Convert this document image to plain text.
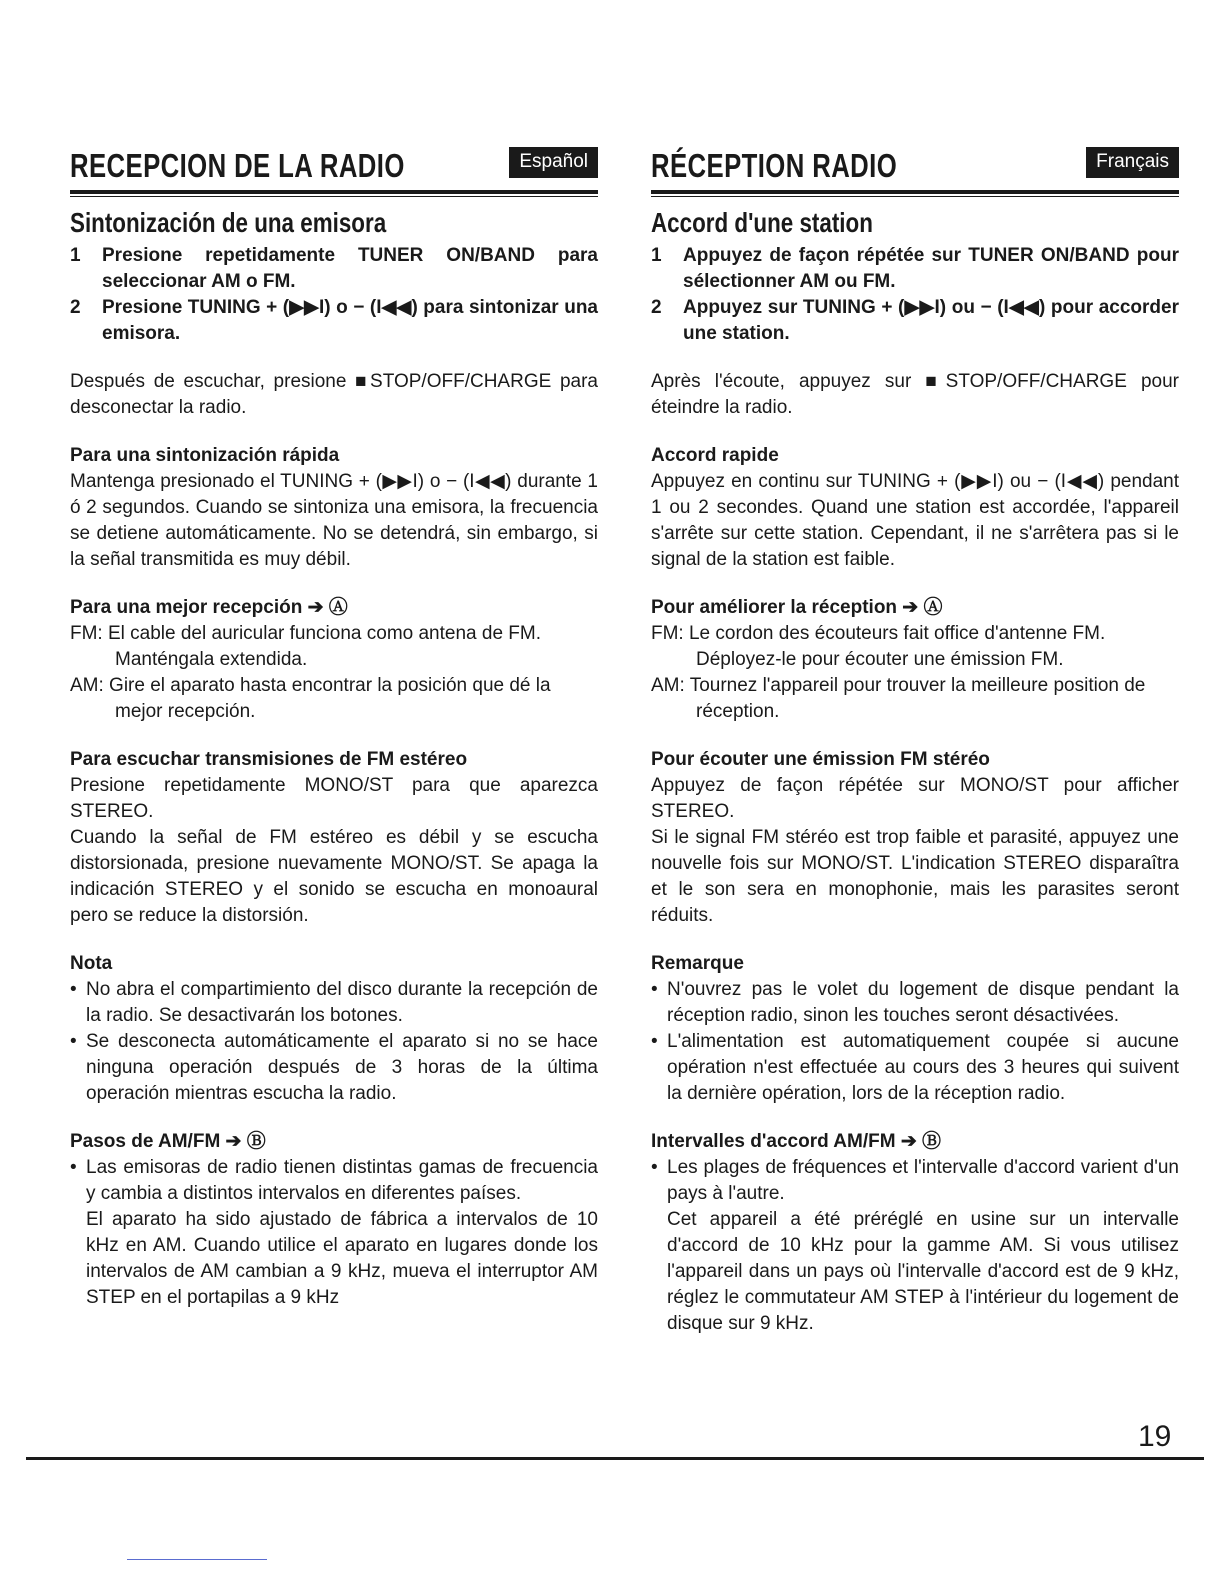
RECEPCION DE LA RADIO	Español
Sintonización de una emisora
1 Presione repetidamente TUNER ON/BAND para seleccionar AM o FM.
2 Presione TUNING + (▶▶I) o − (I◀◀) para sintonizar una emisora.

Después de escuchar, presione ■STOP/OFF/CHARGE para desconectar la radio.

Para una sintonización rápida

Mantenga presionado el TUNING + (▶▶I) o − (I◀◀) durante 1 ó 2 segundos. Cuando se sintoniza una emisora, la frecuencia se detiene automáticamente. No se detendrá, sin embargo, si la señal transmitida es muy débil.

Para una mejor recepción ➔ Ⓐ

FM: El cable del auricular funciona como antena de FM. Manténgala extendida.

AM: Gire el aparato hasta encontrar la posición que dé la mejor recepción.

Para escuchar transmisiones de FM estéreo

Presione repetidamente MONO/ST para que aparezca STEREO.

Cuando la señal de FM estéreo es débil y se escucha distorsionada, presione nuevamente MONO/ST. Se apaga la indicación STEREO y el sonido se escucha en monoaural pero se reduce la distorsión.

Nota
• No abra el compartimiento del disco durante la recepción de la radio. Se desactivarán los botones.
• Se desconecta automáticamente el aparato si no se hace ninguna operación después de 3 horas de la última operación mientras escucha la radio.
Pasos de AM/FM ➔ Ⓑ
• Las emisoras de radio tienen distintas gamas de frecuencia y cambia a distintos intervalos en diferentes países.

El aparato ha sido ajustado de fábrica a intervalos de 10 kHz en AM. Cuando utilice el aparato en lugares donde los intervalos de AM cambian a 9 kHz, mueva el interruptor AM STEP en el portapilas a 9 kHz

RÉCEPTION RADIO	Français
Accord d'une station
1 Appuyez de façon répétée sur TUNER ON/BAND pour sélectionner AM ou FM.
2 Appuyez sur TUNING + (▶▶I) ou − (I◀◀) pour accorder une station.

Après l'écoute, appuyez sur ■STOP/OFF/CHARGE pour éteindre la radio.

Accord rapide

Appuyez en continu sur TUNING + (▶▶I) ou − (I◀◀) pendant 1 ou 2 secondes. Quand une station est accordée, l'appareil s'arrête sur cette station. Cependant, il ne s'arrêtera pas si le signal de la station est faible.

Pour améliorer la réception ➔ Ⓐ

FM: Le cordon des écouteurs fait office d'antenne FM. Déployez-le pour écouter une émission FM.

AM: Tournez l'appareil pour trouver la meilleure position de réception.

Pour écouter une émission FM stéréo

Appuyez de façon répétée sur MONO/ST pour afficher STEREO.

Si le signal FM stéréo est trop faible et parasité, appuyez une nouvelle fois sur MONO/ST. L'indication STEREO disparaîtra et le son sera en monophonie, mais les parasites seront réduits.

Remarque
• N'ouvrez pas le volet du logement de disque pendant la réception radio, sinon les touches seront désactivées.
• L'alimentation est automatiquement coupée si aucune opération n'est effectuée au cours des 3 heures qui suivent la dernière opération, lors de la réception radio.
Intervalles d'accord AM/FM ➔ Ⓑ
• Les plages de fréquences et l'intervalle d'accord varient d'un pays à l'autre.

Cet appareil a été préréglé en usine sur un intervalle d'accord de 10 kHz pour la gamme AM. Si vous utilisez l'appareil dans un pays où l'intervalle d'accord est de 9 kHz, réglez le commutateur AM STEP à l'intérieur du logement de disque sur 9 kHz.

19
